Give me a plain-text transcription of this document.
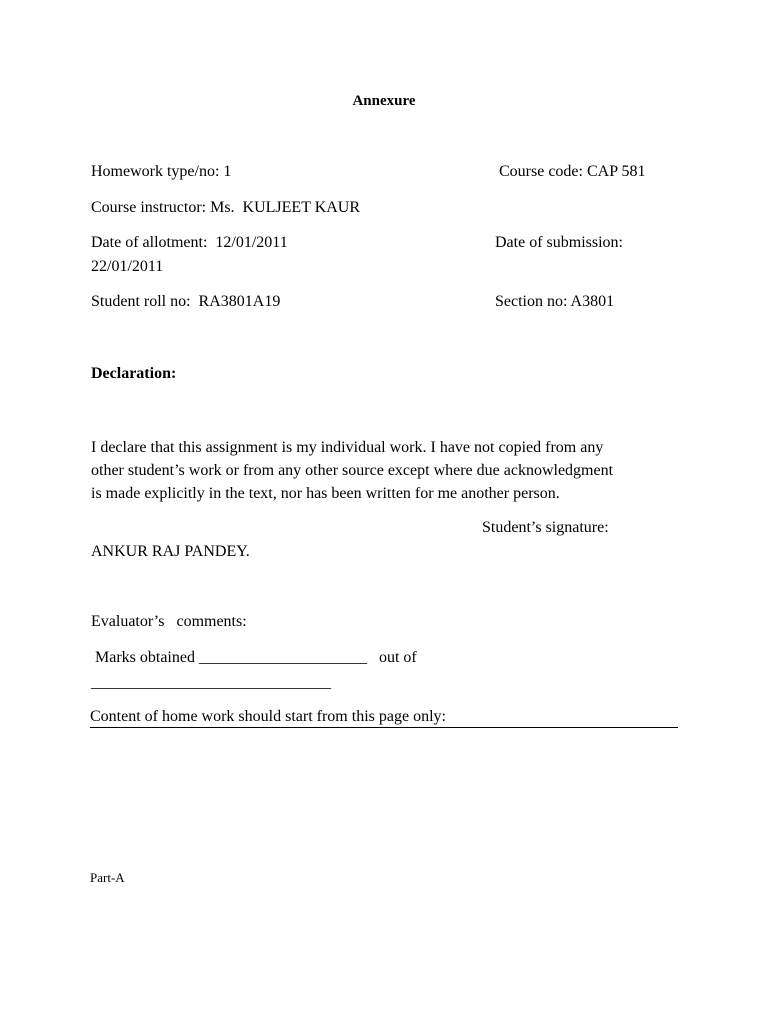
Annexure
Homework type/no: 1	Course code: CAP 581
Course instructor: Ms.  KULJEET KAUR
Date of allotment:  12/01/2011	Date of submission:
22/01/2011
Student roll no:  RA3801A19	Section no: A3801
Declaration:
I declare that this assignment is my individual work. I have not copied from any
other student’s work or from any other source except where due acknowledgment
is made explicitly in the text, nor has been written for me another person.
Student’s signature:
ANKUR RAJ PANDEY.
Evaluator’s   comments:
Marks obtained _____________________   out of
______________________________
Content of home work should start from this page only:
Part-A
